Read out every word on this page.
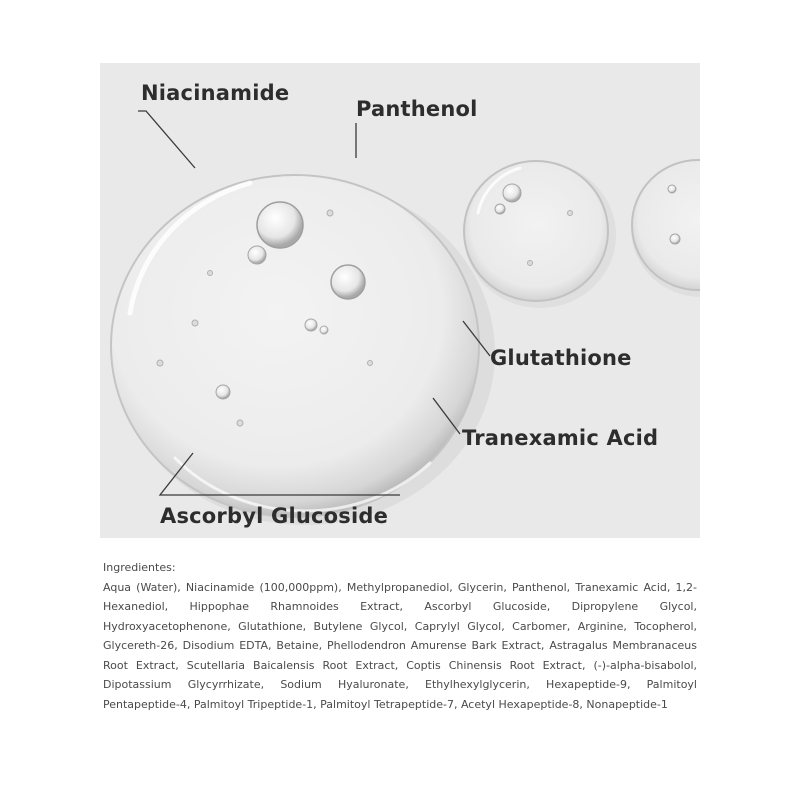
Niacinamide
Panthenol
Glutathione
Tranexamic Acid
Ascorbyl Glucoside

Ingredientes:

Aqua (Water), Niacinamide (100,000ppm), Methylpropanediol, Glycerin, Panthenol, Tranexamic Acid, 1,2-Hexanediol, Hippophae Rhamnoides Extract, Ascorbyl Glucoside, Dipropylene Glycol, Hydroxyacetophenone, Glutathione, Butylene Glycol, Caprylyl Glycol, Carbomer, Arginine, Tocopherol, Glycereth-26, Disodium EDTA, Betaine, Phellodendron Amurense Bark Extract, Astragalus Membranaceus Root Extract, Scutellaria Baicalensis Root Extract, Coptis Chinensis Root Extract, (-)-alpha-bisabolol, Dipotassium Glycyrrhizate, Sodium Hyaluronate, Ethylhexylglycerin, Hexapeptide-9, Palmitoyl Pentapeptide-4, Palmitoyl Tripeptide-1, Palmitoyl Tetrapeptide-7, Acetyl Hexapeptide-8, Nonapeptide-1
